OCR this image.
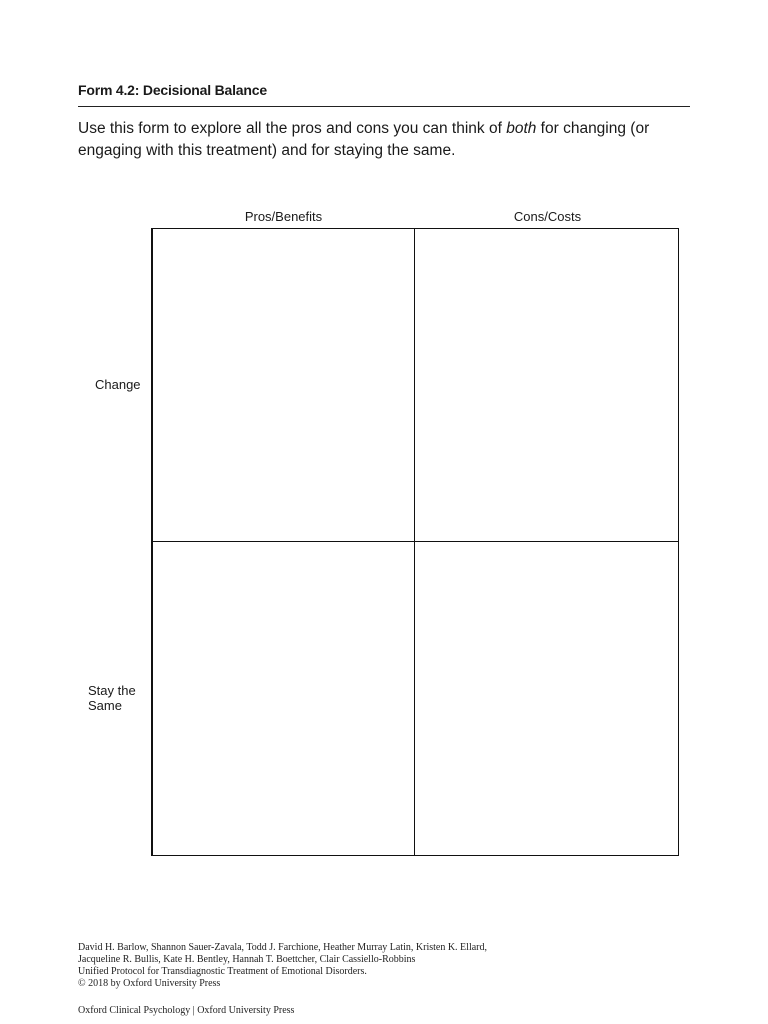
Form 4.2: Decisional Balance

Use this form to explore all the pros and cons you can think of both for changing (or engaging with this treatment) and for staying the same.

Pros/Benefits	Cons/Costs
Change
Stay the Same
David H. Barlow, Shannon Sauer-Zavala, Todd J. Farchione, Heather Murray Latin, Kristen K. Ellard,
Jacqueline R. Bullis, Kate H. Bentley, Hannah T. Boettcher, Clair Cassiello-Robbins
Unified Protocol for Transdiagnostic Treatment of Emotional Disorders.
© 2018 by Oxford University Press
Oxford Clinical Psychology | Oxford University Press
